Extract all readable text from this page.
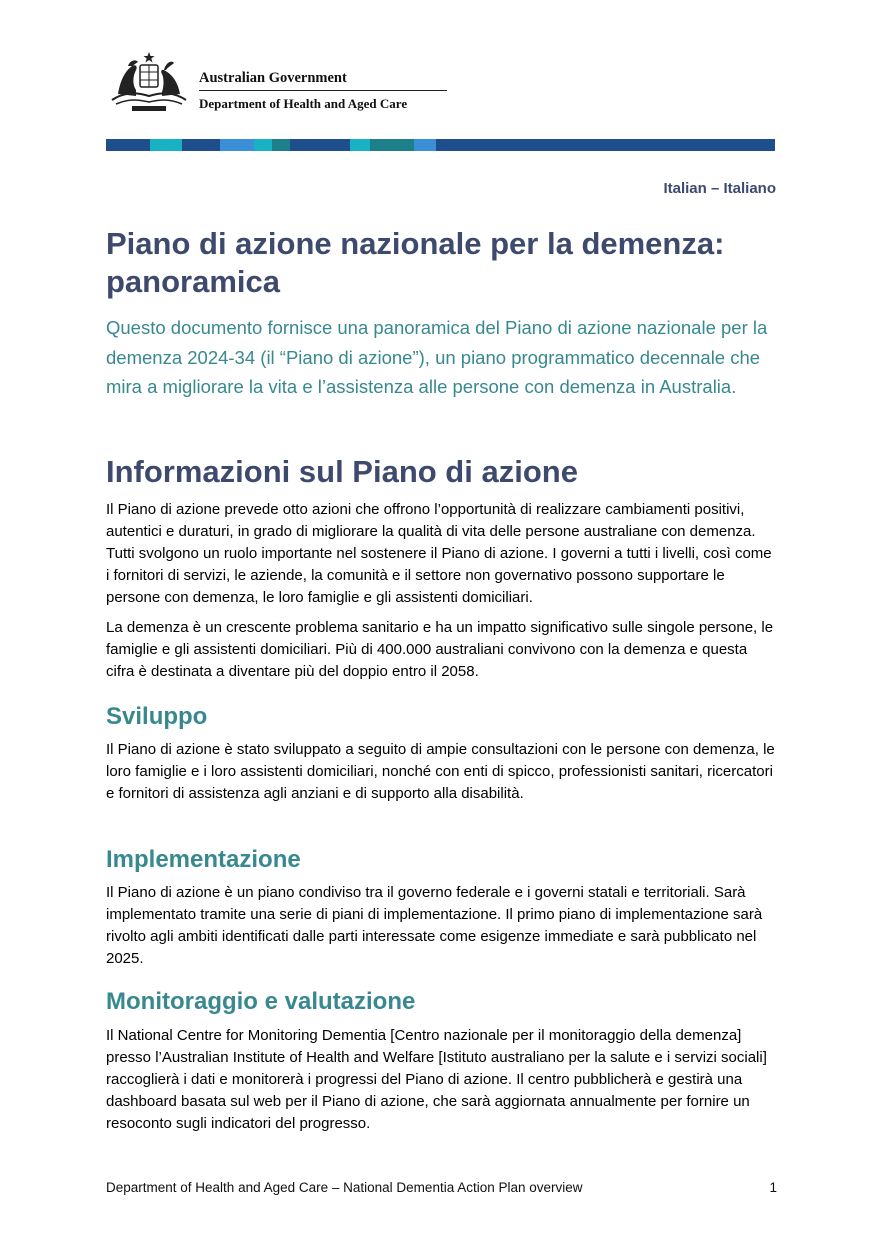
Australian Government
Department of Health and Aged Care
Italian – Italiano
Piano di azione nazionale per la demenza: panoramica

Questo documento fornisce una panoramica del Piano di azione nazionale per la demenza 2024-34 (il “Piano di azione”), un piano programmatico decennale che mira a migliorare la vita e l’assistenza alle persone con demenza in Australia.

Informazioni sul Piano di azione

Il Piano di azione prevede otto azioni che offrono l’opportunità di realizzare cambiamenti positivi, autentici e duraturi, in grado di migliorare la qualità di vita delle persone australiane con demenza. Tutti svolgono un ruolo importante nel sostenere il Piano di azione. I governi a tutti i livelli, così come i fornitori di servizi, le aziende, la comunità e il settore non governativo possono supportare le persone con demenza, le loro famiglie e gli assistenti domiciliari.

La demenza è un crescente problema sanitario e ha un impatto significativo sulle singole persone, le famiglie e gli assistenti domiciliari. Più di 400.000 australiani convivono con la demenza e questa cifra è destinata a diventare più del doppio entro il 2058.

Sviluppo

Il Piano di azione è stato sviluppato a seguito di ampie consultazioni con le persone con demenza, le loro famiglie e i loro assistenti domiciliari, nonché con enti di spicco, professionisti sanitari, ricercatori e fornitori di assistenza agli anziani e di supporto alla disabilità.

Implementazione

Il Piano di azione è un piano condiviso tra il governo federale e i governi statali e territoriali. Sarà implementato tramite una serie di piani di implementazione. Il primo piano di implementazione sarà rivolto agli ambiti identificati dalle parti interessate come esigenze immediate e sarà pubblicato nel 2025.

Monitoraggio e valutazione

Il National Centre for Monitoring Dementia [Centro nazionale per il monitoraggio della demenza] presso l’Australian Institute of Health and Welfare [Istituto australiano per la salute e i servizi sociali] raccoglierà i dati e monitorerà i progressi del Piano di azione. Il centro pubblicherà e gestirà una dashboard basata sul web per il Piano di azione, che sarà aggiornata annualmente per fornire un resoconto sugli indicatori del progresso.

Department of Health and Aged Care – National Dementia Action Plan overview	1
